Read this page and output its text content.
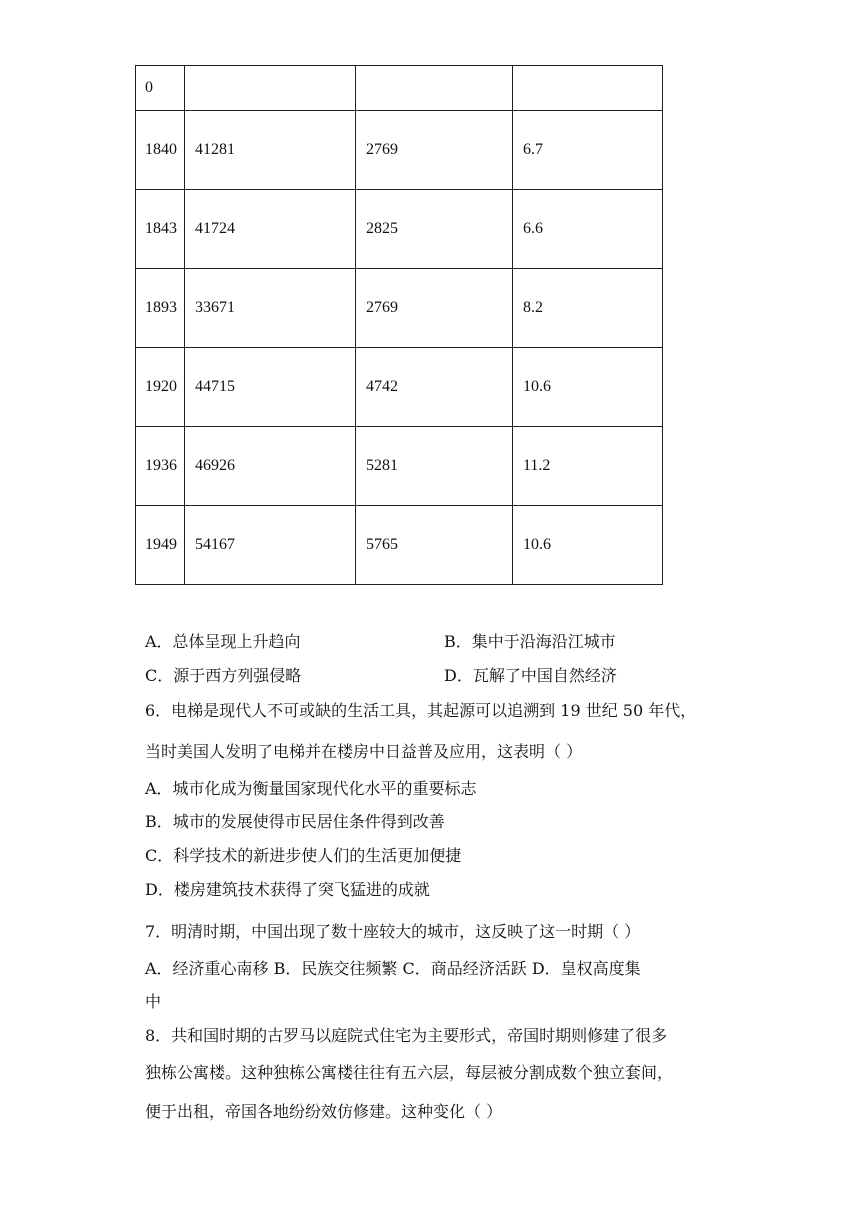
0			
1840	41281	2769	6.7
1843	41724	2825	6.6
1893	33671	2769	8.2
1920	44715	4742	10.6
1936	46926	5281	11.2
1949	54167	5765	10.6
A．总体呈现上升趋向	B．集中于沿海沿江城市
C．源于西方列强侵略	D．瓦解了中国自然经济
6．电梯是现代人不可或缺的生活工具，其起源可以追溯到 19 世纪 50 年代，
当时美国人发明了电梯并在楼房中日益普及应用，这表明（ ）
A．城市化成为衡量国家现代化水平的重要标志
B．城市的发展使得市民居住条件得到改善
C．科学技术的新进步使人们的生活更加便捷
D．楼房建筑技术获得了突飞猛进的成就
7．明清时期，中国出现了数十座较大的城市，这反映了这一时期（ ）
A．经济重心南移 B．民族交往频繁 C．商品经济活跃 D．皇权高度集
中
8．共和国时期的古罗马以庭院式住宅为主要形式，帝国时期则修建了很多
独栋公寓楼。这种独栋公寓楼往往有五六层，每层被分割成数个独立套间，
便于出租，帝国各地纷纷效仿修建。这种变化（ ）
